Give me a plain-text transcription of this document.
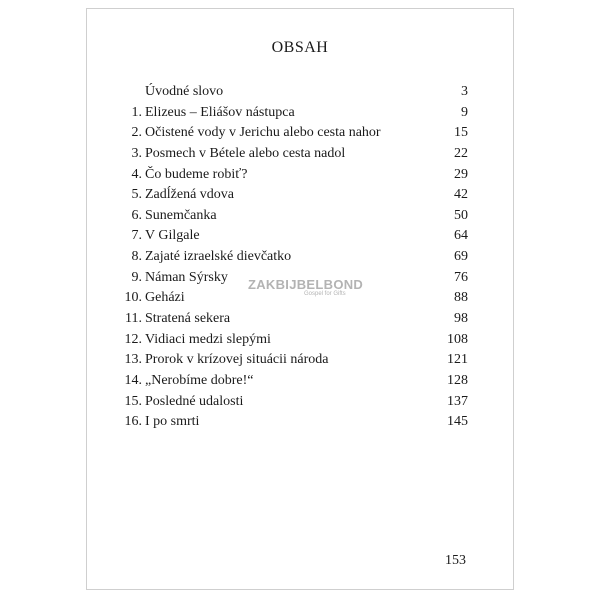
OBSAH
Úvodné slovo	3
1. Elizeus – Eliášov nástupca	9
2. Očistené vody v Jerichu alebo cesta nahor	15
3. Posmech v Bétele alebo cesta nadol	22
4. Čo budeme robiť?	29
5. Zadĺžená vdova	42
6. Sunemčanka	50
7. V Gilgale	64
8. Zajaté izraelské dievčatko	69
9. Náman Sýrsky	76
10. Geházi	88
11. Stratená sekera	98
12. Vidiaci medzi slepými	108
13. Prorok v krízovej situácii národa	121
14. „Nerobíme dobre!“	128
15. Posledné udalosti	137
16. I po smrti	145
153
ZAKBIJBELBOND
Gospel for Gifts
